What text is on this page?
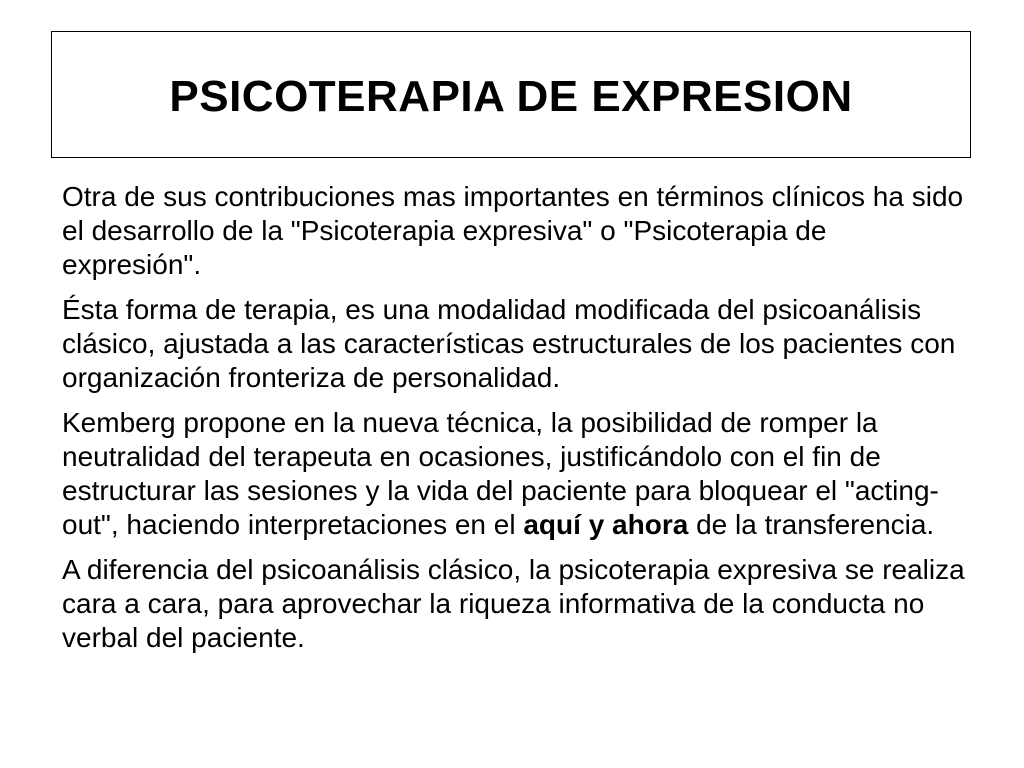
PSICOTERAPIA DE EXPRESION

Otra de sus contribuciones mas importantes en términos clínicos ha sido el desarrollo de la "Psicoterapia expresiva" o "Psicoterapia de expresión".

Ésta forma de terapia, es una modalidad modificada del psicoanálisis clásico, ajustada a las características estructurales de los pacientes con organización fronteriza de personalidad.

Kemberg propone en la nueva técnica, la posibilidad de romper la neutralidad del terapeuta en ocasiones, justificándolo con el fin de estructurar las sesiones y la vida del paciente para bloquear el "acting-out", haciendo interpretaciones en el aquí y ahora de la transferencia.

A diferencia del psicoanálisis clásico, la psicoterapia expresiva se realiza cara a cara, para aprovechar la riqueza informativa de la conducta no verbal del paciente.
